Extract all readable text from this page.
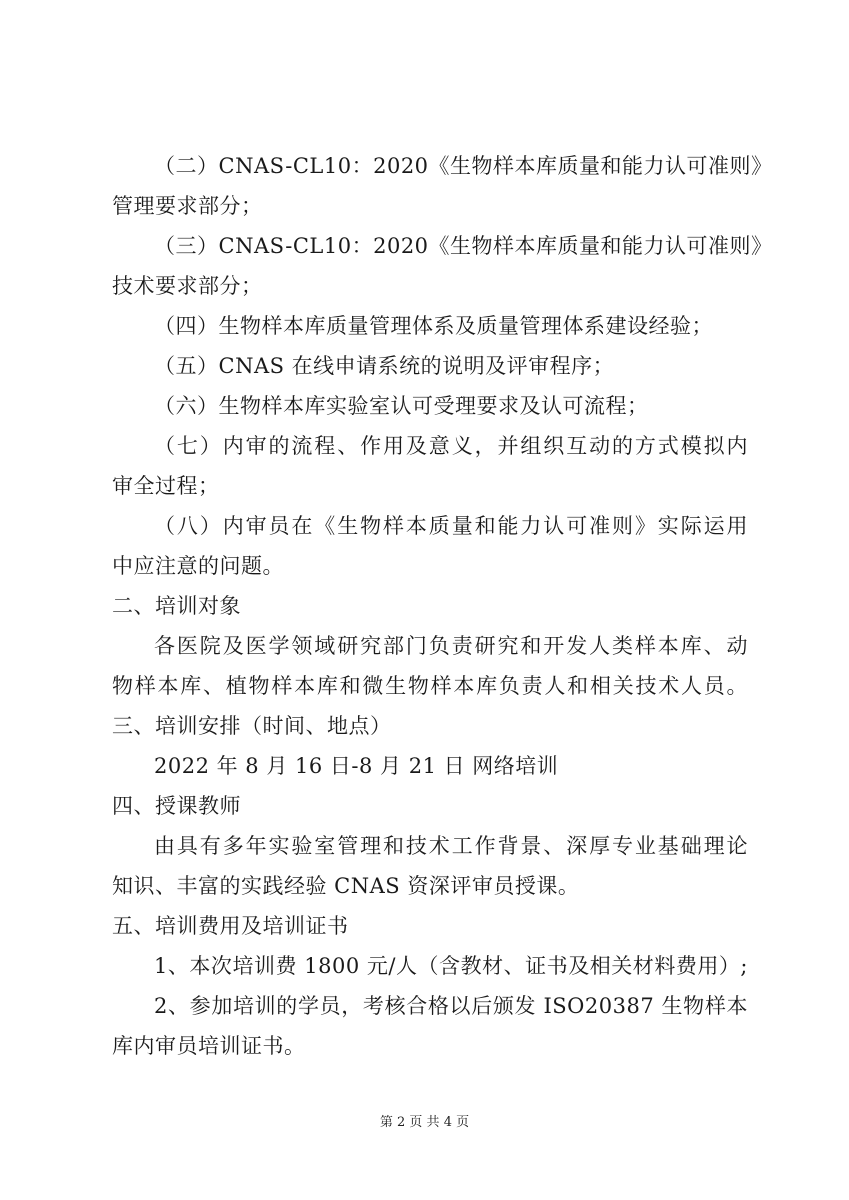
（二）CNAS-CL10：2020《生物样本库质量和能力认可准则》
管理要求部分；
（三）CNAS-CL10：2020《生物样本库质量和能力认可准则》
技术要求部分；
（四）生物样本库质量管理体系及质量管理体系建设经验；
（五）CNAS 在线申请系统的说明及评审程序；
（六）生物样本库实验室认可受理要求及认可流程；
（七）内审的流程、作用及意义，并组织互动的方式模拟内
审全过程；
（八）内审员在《生物样本质量和能力认可准则》实际运用
中应注意的问题。
二、培训对象
各医院及医学领域研究部门负责研究和开发人类样本库、动
物样本库、植物样本库和微生物样本库负责人和相关技术人员。
三、培训安排（时间、地点）
2022 年 8 月 16 日-8 月 21 日 网络培训
四、授课教师
由具有多年实验室管理和技术工作背景、深厚专业基础理论
知识、丰富的实践经验 CNAS 资深评审员授课。
五、培训费用及培训证书
1、本次培训费 1800 元/人（含教材、证书及相关材料费用）;
2、参加培训的学员，考核合格以后颁发 ISO20387 生物样本
库内审员培训证书。
第 2 页 共 4 页
